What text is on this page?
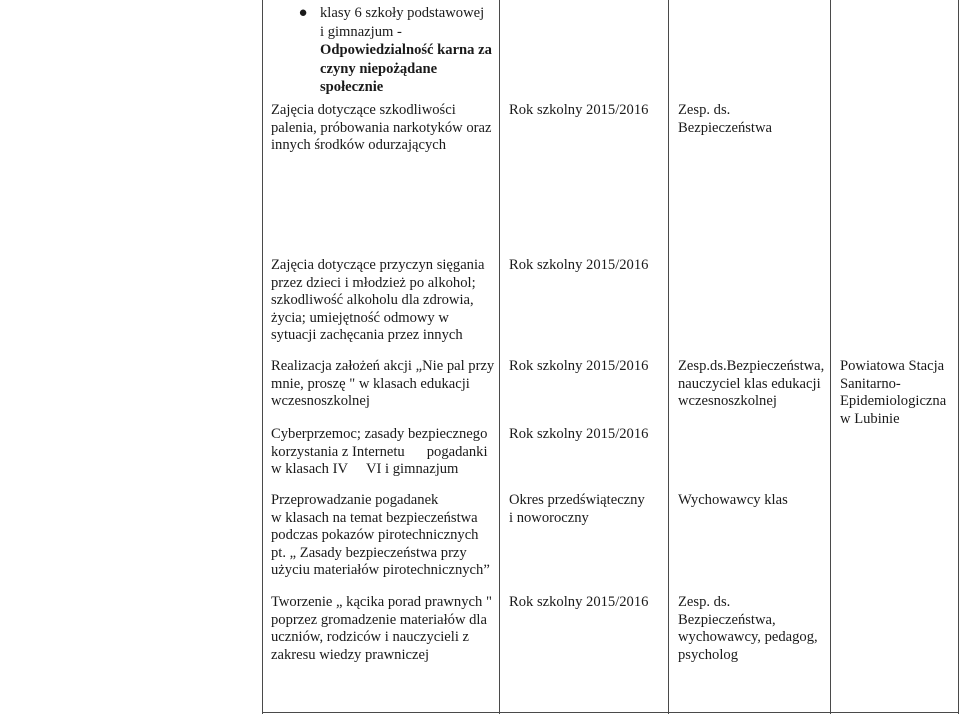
● klasy 6 szkoły podstawowej
i gimnazjum -
Odpowiedzialność karna za
czyny niepożądane
społecznie
Zajęcia dotyczące szkodliwości
palenia, próbowania narkotyków oraz
innych środków odurzających
Rok szkolny 2015/2016 Zesp. ds.
Bezpieczeństwa
Zajęcia dotyczące przyczyn sięgania
przez dzieci i młodzież po alkohol;
szkodliwość alkoholu dla zdrowia,
życia; umiejętność odmowy w
sytuacji zachęcania przez innych
Rok szkolny 2015/2016
Realizacja założeń akcji „Nie pal przy
mnie, proszę " w klasach edukacji
wczesnoszkolnej
Rok szkolny 2015/2016 Zesp.ds.Bezpieczeństwa,
nauczyciel klas edukacji
wczesnoszkolnej
Powiatowa Stacja
Sanitarno-
Epidemiologiczna
w Lubinie
Cyberprzemoc; zasady bezpiecznego
korzystania z Internetu pogadanki
w klasach IV VI i gimnazjum
Rok szkolny 2015/2016
Przeprowadzanie pogadanek
w klasach na temat bezpieczeństwa
podczas pokazów pirotechnicznych
pt. „ Zasady bezpieczeństwa przy
użyciu materiałów pirotechnicznych”
Okres przedświąteczny
i noworoczny
Wychowawcy klas
Tworzenie „ kącika porad prawnych "
poprzez gromadzenie materiałów dla
uczniów, rodziców i nauczycieli z
zakresu wiedzy prawniczej
Rok szkolny 2015/2016 Zesp. ds.
Bezpieczeństwa,
wychowawcy, pedagog,
psycholog
